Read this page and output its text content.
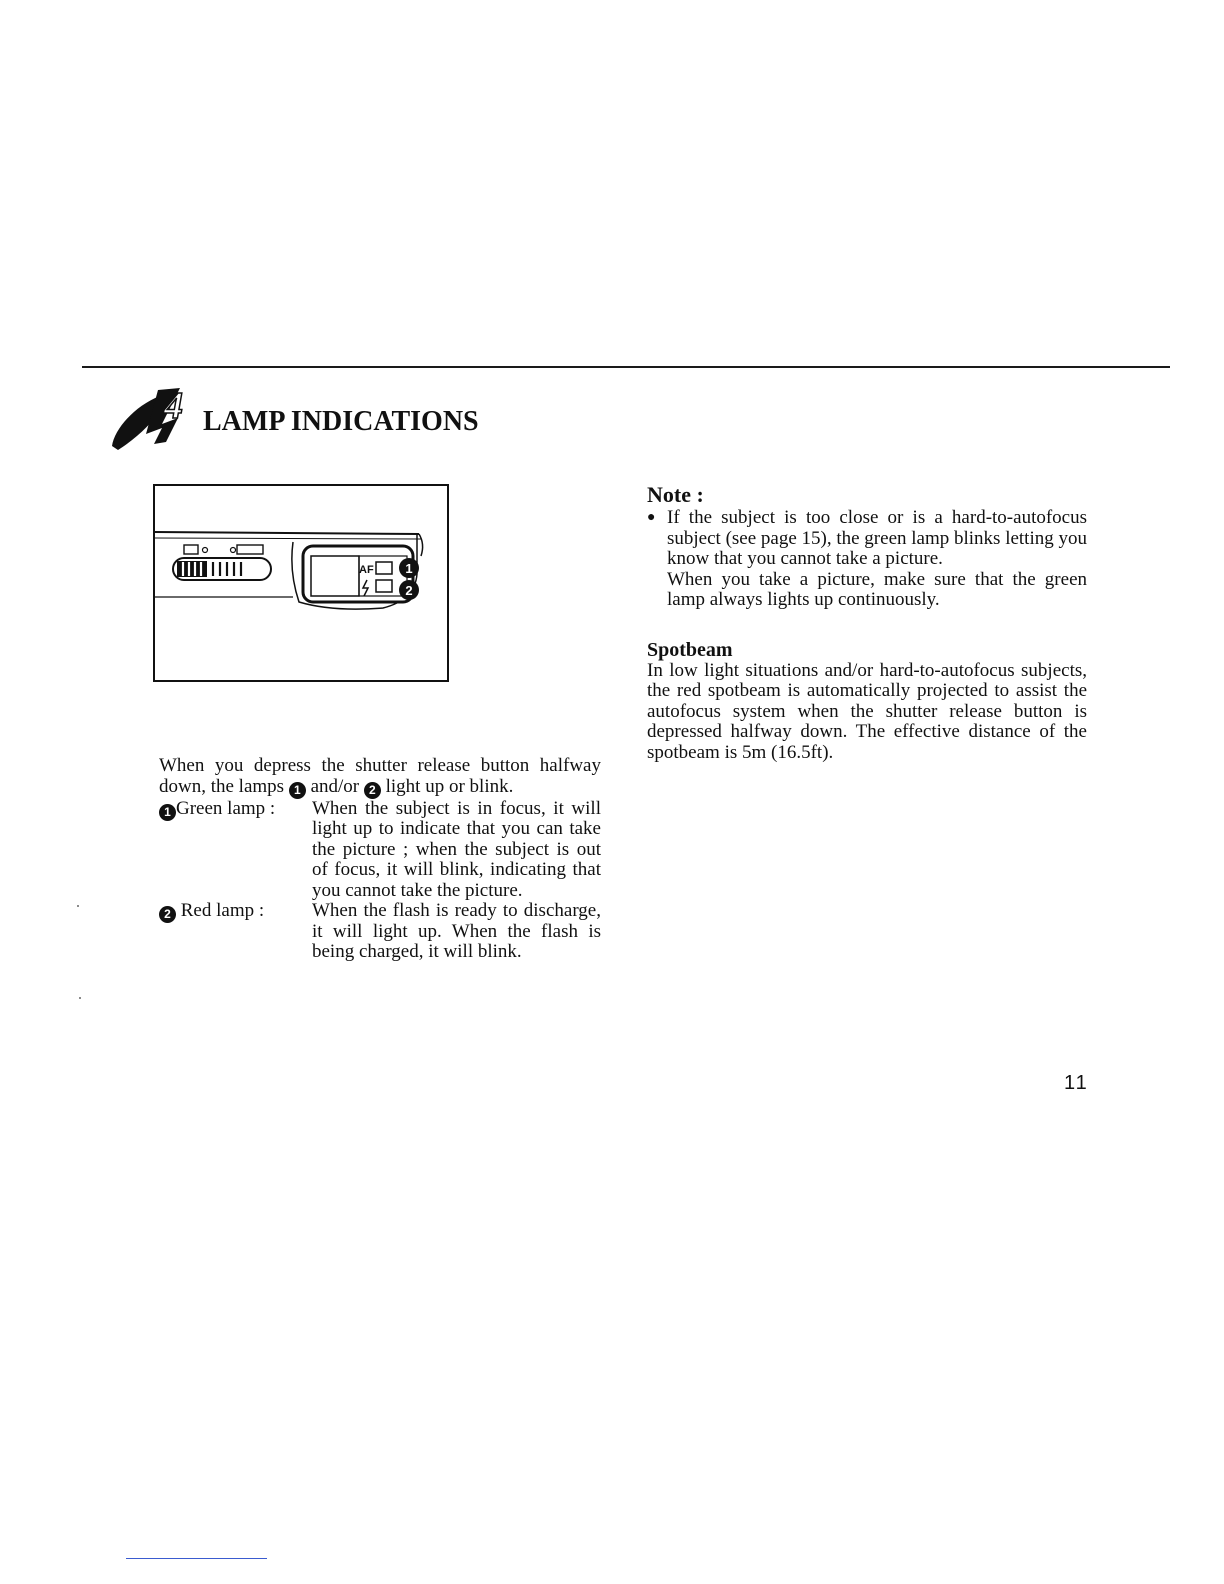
4 LAMP INDICATIONS
AF 1
2

When you depress the shutter release button halfway down, the lamps 1 and/or 2 light up or blink.

1 Green lamp :	When the subject is in focus, it will light up to indicate that you can take the picture ; when the subject is out of focus, it will blink, indicating that you cannot take the picture.
2 Red lamp :	When the flash is ready to discharge, it will light up. When the flash is being charged, it will blink.
Note :
● If the subject is too close or is a hard-to-autofocus subject (see page 15), the green lamp blinks letting you know that you cannot take a picture.
When you take a picture, make sure that the green lamp always lights up continuously.
Spotbeam

In low light situations and/or hard-to-autofocus subjects, the red spotbeam is automatically projected to assist the autofocus system when the shutter release button is depressed halfway down. The effective distance of the spotbeam is 5m (16.5ft).

11
